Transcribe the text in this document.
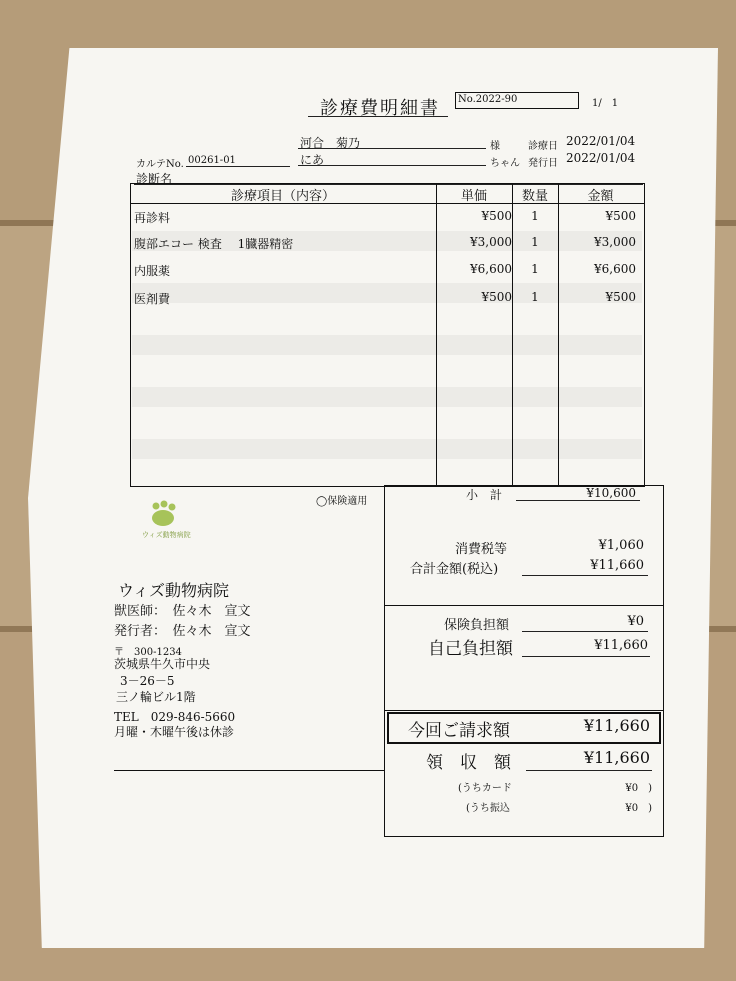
診療費明細書 No.2022-90	1/　1
河合　菊乃	様	診療日 2022/01/04
カルテNo. 00261-01	にあ	ちゃん 発行日 2022/01/04
診断名
診療項目（内容）	単価	数量	金額
再診料	¥500	1	¥500
腹部エコー 検査　 1臓器精密	¥3,000	1	¥3,000
内服薬	¥6,600	1	¥6,600
医剤費	¥500	1	¥500
◯保険適用
ウィズ動物病院
ウィズ動物病院
獣医師：　佐々木　宣文
発行者：　佐々木　宣文
〒　300-1234
茨城県牛久市中央
3－26－5
三ノ輪ビル1階
TEL　029-846-5660
月曜・木曜午後は休診
小　計	¥10,600
消費税等	¥1,060
合計金額(税込)	¥11,660
保険負担額	¥0
自己負担額	¥11,660
今回ご請求額	¥11,660
領　収　額	¥11,660
(うちカード	¥0　)
(うち振込	¥0　)
